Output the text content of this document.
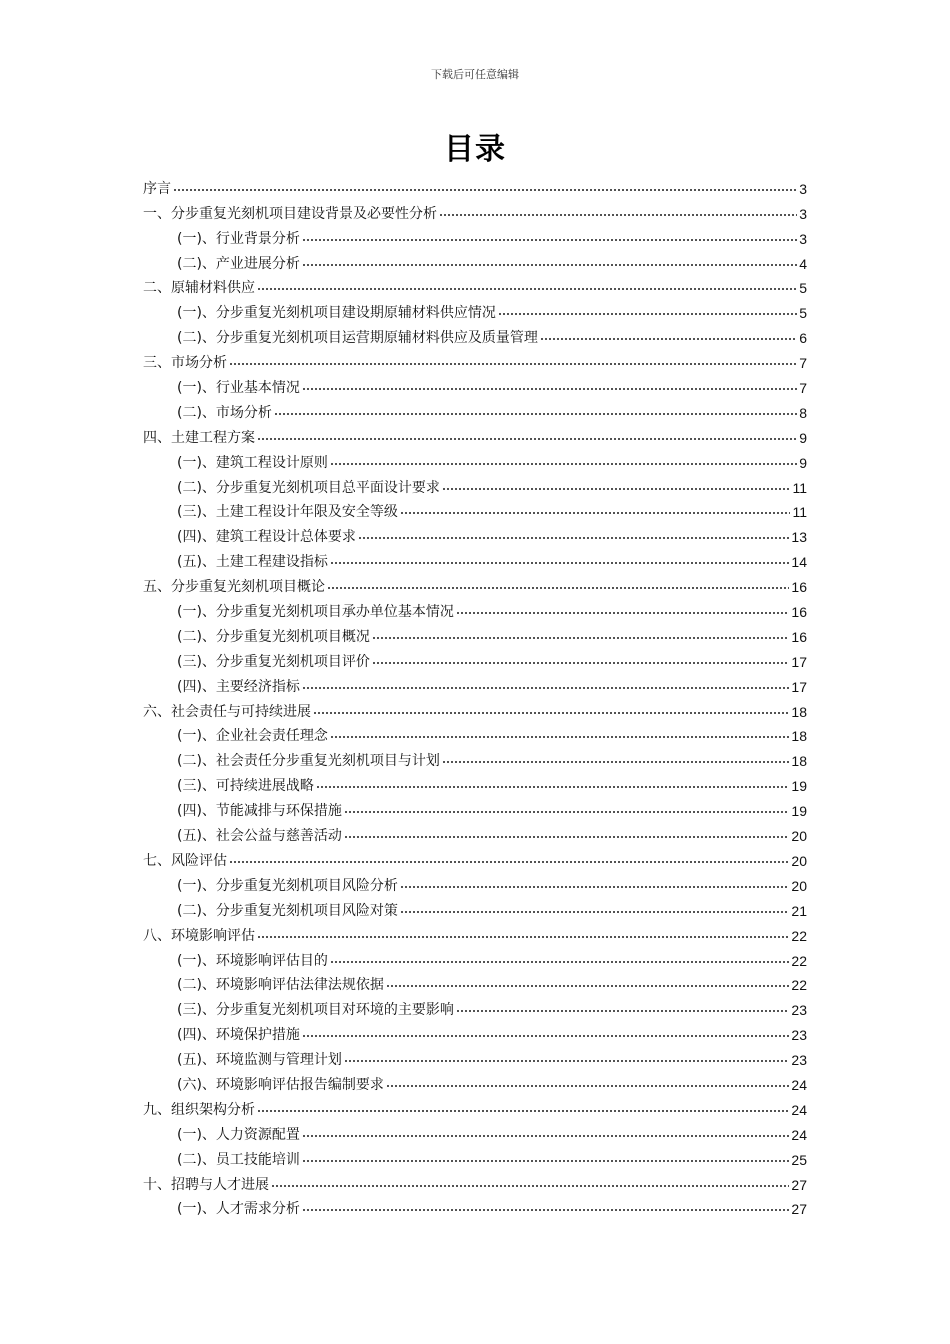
下载后可任意编辑
目录
序言	3
一、分步重复光刻机项目建设背景及必要性分析	3
(一)、行业背景分析	3
(二)、产业进展分析	4
二、原辅材料供应	5
(一)、分步重复光刻机项目建设期原辅材料供应情况	5
(二)、分步重复光刻机项目运营期原辅材料供应及质量管理	6
三、市场分析	7
(一)、行业基本情况	7
(二)、市场分析	8
四、土建工程方案	9
(一)、建筑工程设计原则	9
(二)、分步重复光刻机项目总平面设计要求	11
(三)、土建工程设计年限及安全等级	11
(四)、建筑工程设计总体要求	13
(五)、土建工程建设指标	14
五、分步重复光刻机项目概论	16
(一)、分步重复光刻机项目承办单位基本情况	16
(二)、分步重复光刻机项目概况	16
(三)、分步重复光刻机项目评价	17
(四)、主要经济指标	17
六、社会责任与可持续进展	18
(一)、企业社会责任理念	18
(二)、社会责任分步重复光刻机项目与计划	18
(三)、可持续进展战略	19
(四)、节能减排与环保措施	19
(五)、社会公益与慈善活动	20
七、风险评估	20
(一)、分步重复光刻机项目风险分析	20
(二)、分步重复光刻机项目风险对策	21
八、环境影响评估	22
(一)、环境影响评估目的	22
(二)、环境影响评估法律法规依据	22
(三)、分步重复光刻机项目对环境的主要影响	23
(四)、环境保护措施	23
(五)、环境监测与管理计划	23
(六)、环境影响评估报告编制要求	24
九、组织架构分析	24
(一)、人力资源配置	24
(二)、员工技能培训	25
十、招聘与人才进展	27
(一)、人才需求分析	27
